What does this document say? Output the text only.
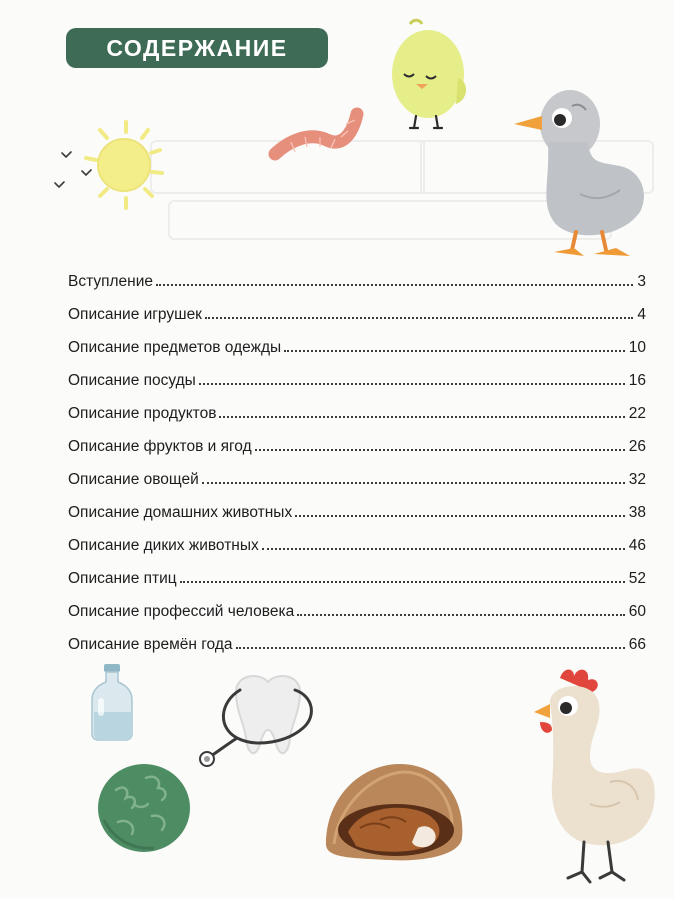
СОДЕРЖАНИЕ
Вступление	3
Описание игрушек	4
Описание предметов одежды	10
Описание посуды	16
Описание продуктов	22
Описание фруктов и ягод	26
Описание овощей	32
Описание домашних животных	38
Описание диких животных	46
Описание птиц	52
Описание профессий человека	60
Описание времён года	66
